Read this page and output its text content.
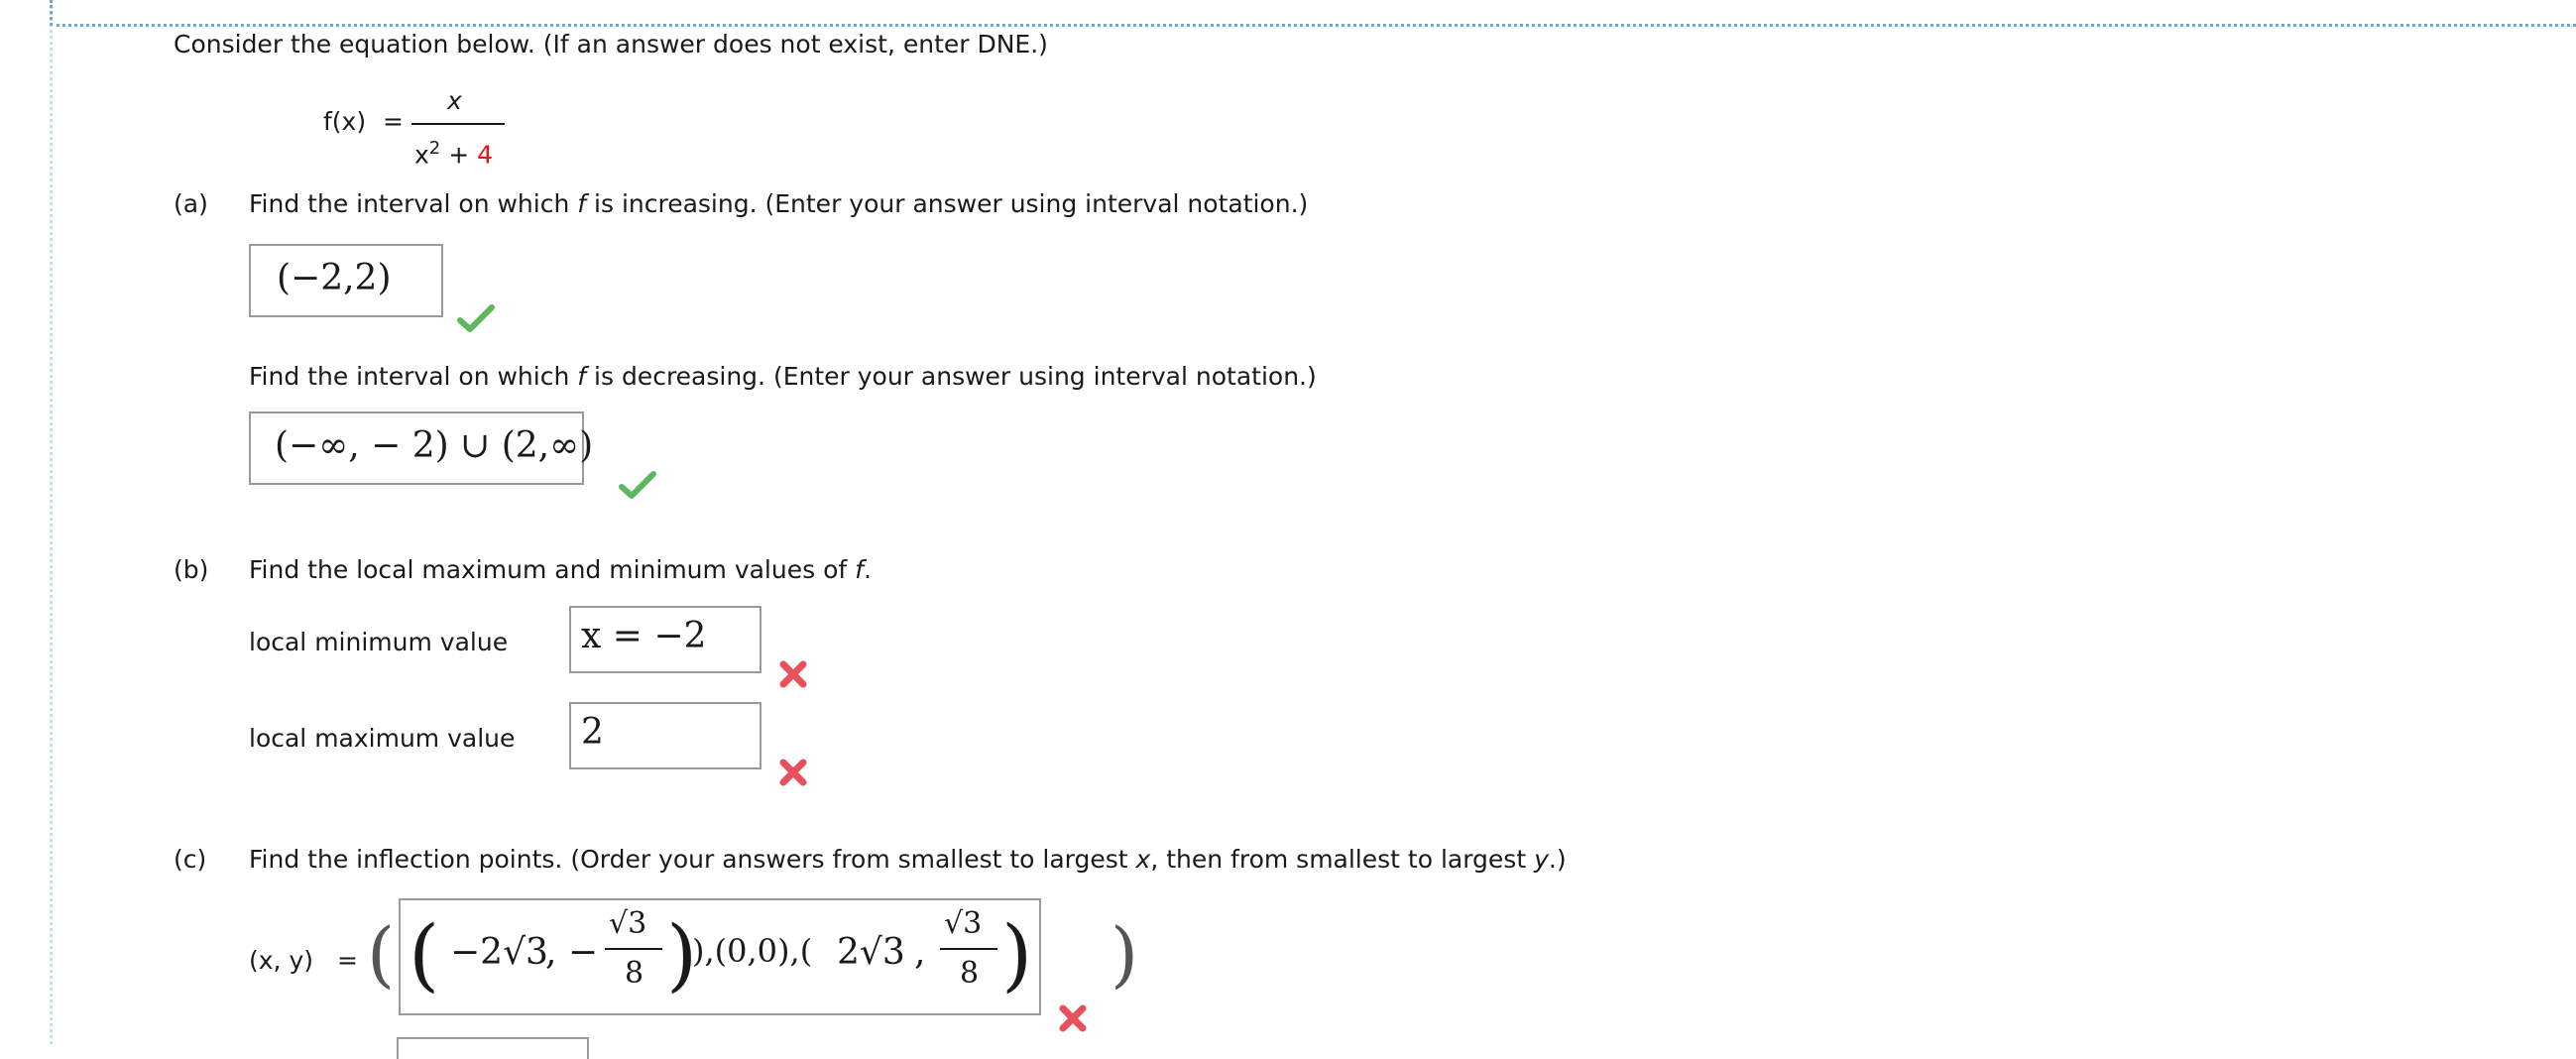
Consider the equation below. (If an answer does not exist, enter DNE.)
f(x) =
x
$x^2 + 4$
(a) Find the interval on which f is increasing. (Enter your answer using interval notation.)
(−2,2)
Find the interval on which f is decreasing. (Enter your answer using interval notation.)
(−∞, − 2) ∪ (2,∞)
(b) Find the local maximum and minimum values of f.
local minimum value x = −2
local maximum value 2
(c) Find the inflection points. (Order your answers from smallest to largest x, then from smallest to largest y.)
(x, y) = (	)
( −2√3
, −
√3
8 )
),(0,0),( 2√3 ,
√3
8 )
